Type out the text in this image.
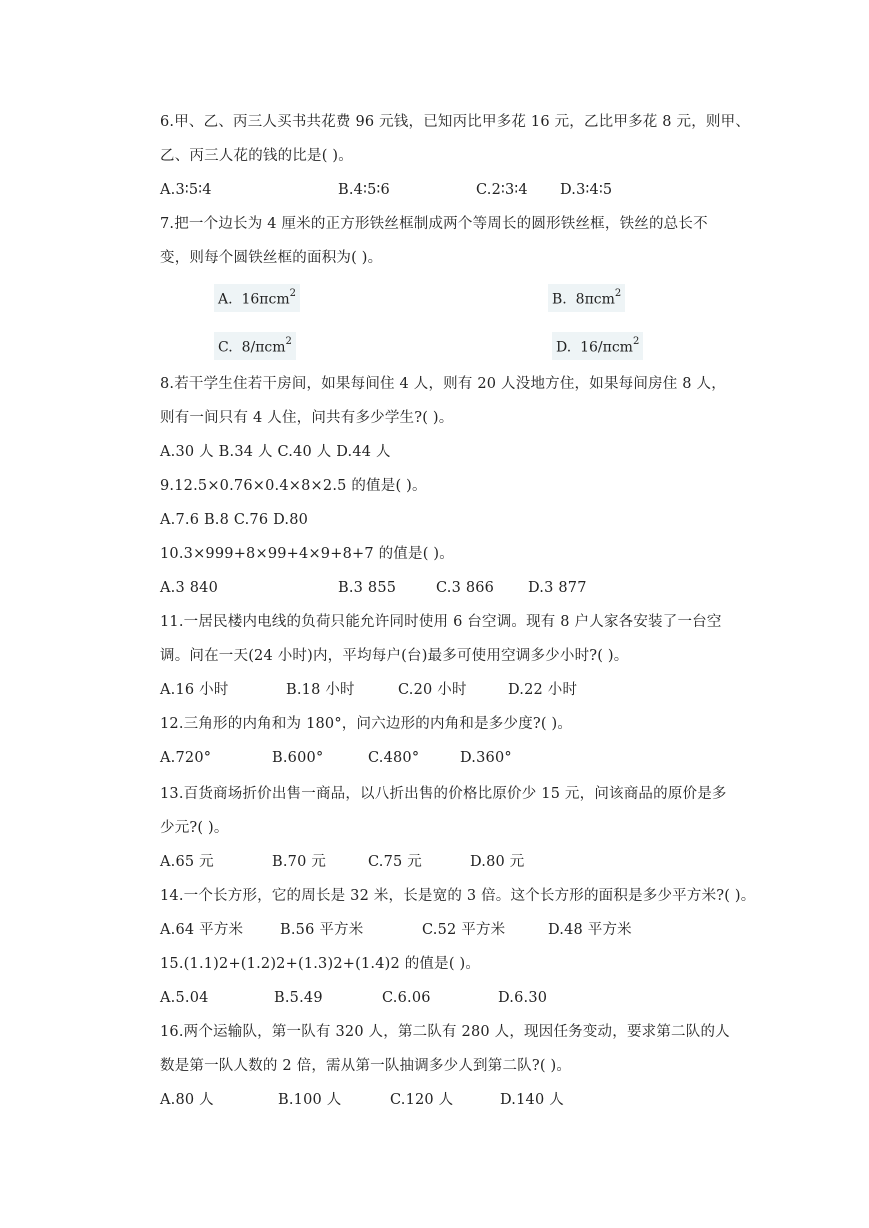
6.甲、乙、丙三人买书共花费 96 元钱，已知丙比甲多花 16 元，乙比甲多花 8 元，则甲、
乙、丙三人花的钱的比是( )。
A.3∶5∶4	B.4∶5∶6	C.2∶3∶4 D.3∶4∶5
7.把一个边长为 4 厘米的正方形铁丝框制成两个等周长的圆形铁丝框，铁丝的总长不
变，则每个圆铁丝框的面积为( )。
A. 16πcm$^2$	B. 8πcm$^2$
C. 8/πcm$^2$	D. 16/πcm$^2$
8.若干学生住若干房间，如果每间住 4 人，则有 20 人没地方住，如果每间房住 8 人，
则有一间只有 4 人住，问共有多少学生?( )。
A.30 人 B.34 人 C.40 人 D.44 人
9.12.5×0.76×0.4×8×2.5 的值是( )。
A.7.6 B.8 C.76 D.80
10.3×999+8×99+4×9+8+7 的值是( )。
A.3 840	B.3 855	C.3 866 D.3 877
11.一居民楼内电线的负荷只能允许同时使用 6 台空调。现有 8 户人家各安装了一台空
调。问在一天(24 小时)内，平均每户(台)最多可使用空调多少小时?( )。
A.16 小时	B.18 小时	C.20 小时	D.22 小时
12.三角形的内角和为 180°，问六边形的内角和是多少度?( )。
A.720°	B.600°	C.480°	D.360°
13.百货商场折价出售一商品，以八折出售的价格比原价少 15 元，问该商品的原价是多
少元?( )。
A.65 元	B.70 元	C.75 元	D.80 元
14.一个长方形，它的周长是 32 米，长是宽的 3 倍。这个长方形的面积是多少平方米?( )。
A.64 平方米	B.56 平方米	C.52 平方米	D.48 平方米
15.(1.1)2+(1.2)2+(1.3)2+(1.4)2 的值是( )。
A.5.04	B.5.49	C.6.06	D.6.30
16.两个运输队，第一队有 320 人，第二队有 280 人，现因任务变动，要求第二队的人
数是第一队人数的 2 倍，需从第一队抽调多少人到第二队?( )。
A.80 人	B.100 人	C.120 人	D.140 人
